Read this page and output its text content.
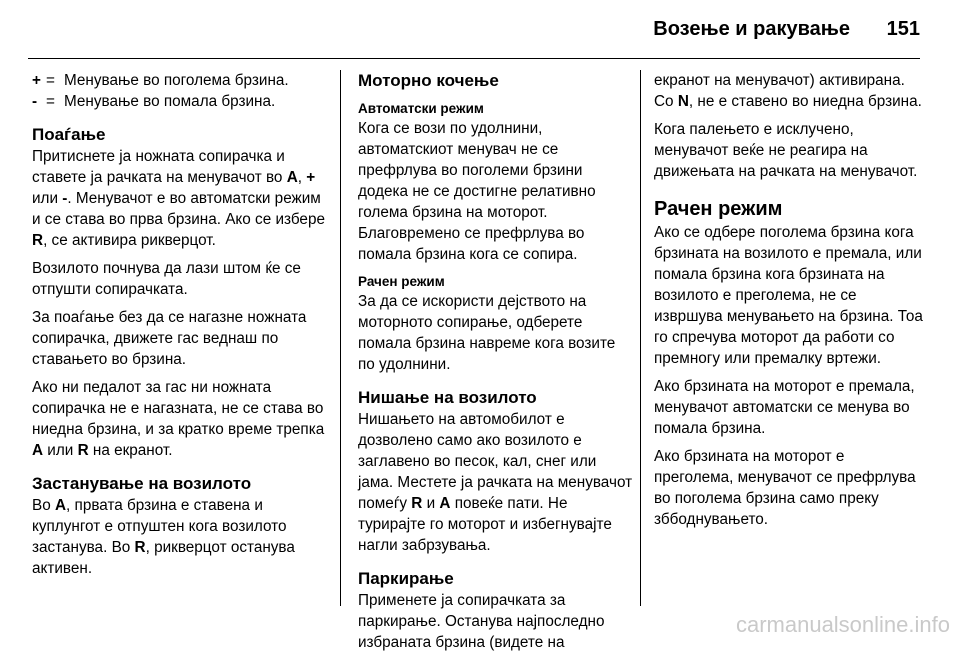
Возење и ракување 151
+ = Менување во поголема брзина.
- = Менување во помала брзина.
Поаѓање

Притиснете ја ножната сопирачка и ставете ја рачката на менувачот во A, + или -. Менувачот е во автоматски режим и се става во прва брзина. Ако се избере R, се активира рикверцот.

Возилото почнува да лази штом ќе се отпушти сопирачката.

За поаѓање без да се нагазне ножната сопирачка, движете гас веднаш по ставањето во брзина.

Ако ни педалот за гас ни ножната сопирачка не е нагазната, не се става во ниедна брзина, и за кратко време трепка A или R на екранот.

Застанување на возилото

Во A, првата брзина е ставена и куплунгот е отпуштен кога возилото застанува. Во R, рикверцот останува активен.

Моторно кочење
Автоматски режим

Кога се вози по удолнини, автоматскиот менувач не се префрлува во поголеми брзини додека не се достигне релативно голема брзина на моторот. Благовремено се префрлува во помала брзина кога се сопира.

Рачен режим

За да се искористи дејството на моторното сопирање, одберете помала брзина навреме кога возите по удолнини.

Нишање на возилото

Нишањето на автомобилот е дозволено само ако возилото е заглавено во песок, кал, снег или јама. Местете ја рачката на менувачот помеѓу R и A повеќе пати. Не турирајте го моторот и избегнувајте нагли забрзувања.

Паркирање

Применете ја сопирачката за паркирање. Останува најпоследно избраната брзина (видете на

екранот на менувачот) активирана. Со N, не е ставено во ниедна брзина.

Кога палењето е исклучено, менувачот веќе не реагира на движењата на рачката на менувачот.

Рачен режим

Ако се одбере поголема брзина кога брзината на возилото е премала, или помала брзина кога брзината на возилото е преголема, не се извршува менувањето на брзина. Тоа го спречува моторот да работи со премногу или премалку вртежи.

Ако брзината на моторот е премала, менувачот автоматски се менува во помала брзина.

Ако брзината на моторот е преголема, менувачот се префрлува во поголема брзина само преку зббоднувањето.

carmanualsonline.info
